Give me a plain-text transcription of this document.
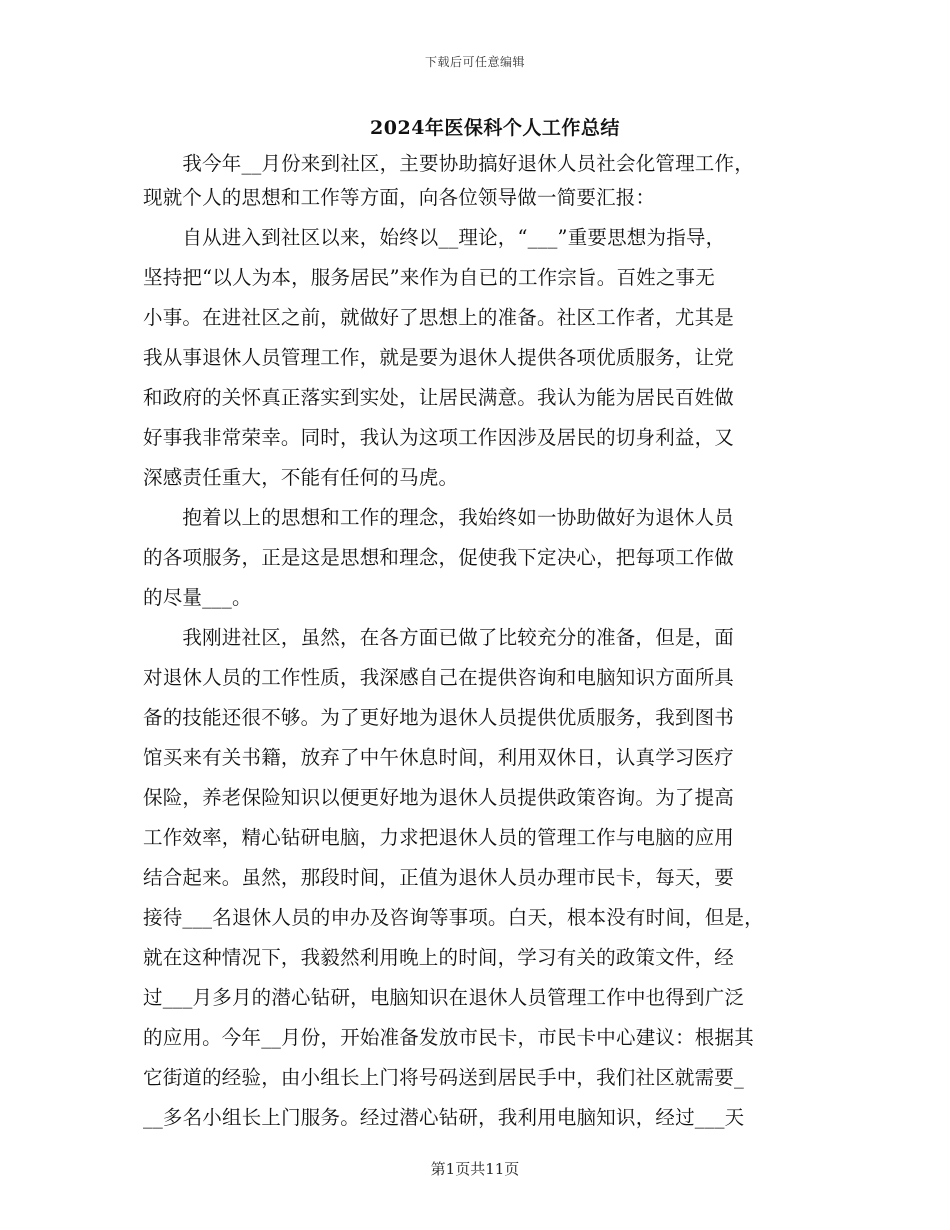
下载后可任意编辑
2024年医保科个人工作总结
　　我今年__月份来到社区，主要协助搞好退休人员社会化管理工作，
现就个人的思想和工作等方面，向各位领导做一简要汇报：
　　自从进入到社区以来，始终以__理论，“___”重要思想为指导，
坚持把“以人为本，服务居民”来作为自已的工作宗旨。百姓之事无
小事。在进社区之前，就做好了思想上的准备。社区工作者，尤其是
我从事退休人员管理工作，就是要为退休人提供各项优质服务，让党
和政府的关怀真正落实到实处，让居民满意。我认为能为居民百姓做
好事我非常荣幸。同时，我认为这项工作因涉及居民的切身利益，又
深感责任重大，不能有任何的马虎。
　　抱着以上的思想和工作的理念，我始终如一协助做好为退休人员
的各项服务，正是这是思想和理念，促使我下定决心，把每项工作做
的尽量___。
　　我刚进社区，虽然，在各方面已做了比较充分的准备，但是，面
对退休人员的工作性质，我深感自己在提供咨询和电脑知识方面所具
备的技能还很不够。为了更好地为退休人员提供优质服务，我到图书
馆买来有关书籍，放弃了中午休息时间，利用双休日，认真学习医疗
保险，养老保险知识以便更好地为退休人员提供政策咨询。为了提高
工作效率，精心钻研电脑，力求把退休人员的管理工作与电脑的应用
结合起来。虽然，那段时间，正值为退休人员办理市民卡，每天，要
接待___名退休人员的申办及咨询等事项。白天，根本没有时间，但是，
就在这种情况下，我毅然利用晚上的时间，学习有关的政策文件，经
过___月多月的潜心钻研，电脑知识在退休人员管理工作中也得到广泛
的应用。今年__月份，开始准备发放市民卡，市民卡中心建议：根据其
它街道的经验，由小组长上门将号码送到居民手中，我们社区就需要_
__多名小组长上门服务。经过潜心钻研，我利用电脑知识，经过___天
第1页共11页
